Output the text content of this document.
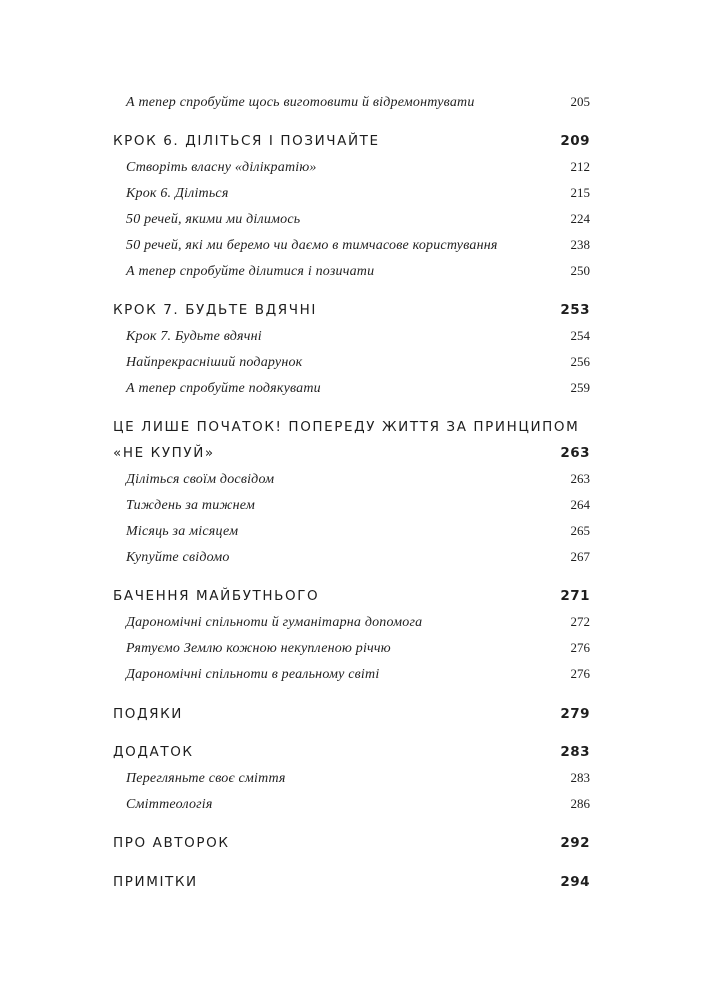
А тепер спробуйте щось виготовити й відремонтувати	205
КРОК 6. ДІЛІТЬСЯ І ПОЗИЧАЙТЕ	209
Створіть власну «ділікратію»	212
Крок 6. Діліться	215
50 речей, якими ми ділимось	224
50 речей, які ми беремо чи даємо в тимчасове користування	238
А тепер спробуйте ділитися і позичати	250
КРОК 7. БУДЬТЕ ВДЯЧНІ	253
Крок 7. Будьте вдячні	254
Найпрекрасніший подарунок	256
А тепер спробуйте подякувати	259
ЦЕ ЛИШЕ ПОЧАТОК! ПОПЕРЕДУ ЖИТТЯ ЗА ПРИНЦИПОМ
«НЕ КУПУЙ»	263
Діліться своїм досвідом	263
Тиждень за тижнем	264
Місяць за місяцем	265
Купуйте свідомо	267
БАЧЕННЯ МАЙБУТНЬОГО	271
Дарономічні спільноти й гуманітарна допомога	272
Рятуємо Землю кожною некупленою річчю	276
Дарономічні спільноти в реальному світі	276
ПОДЯКИ	279
ДОДАТОК	283
Перегляньте своє сміття	283
Сміттеологія	286
ПРО АВТОРОК	292
ПРИМІТКИ	294
